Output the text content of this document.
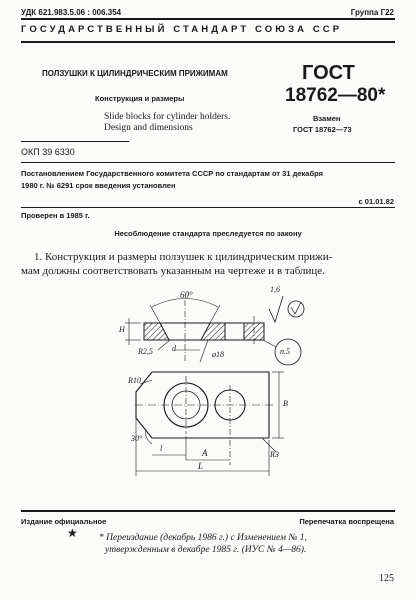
УДК 621.983.5.06 : 006.354	Группа Г22
ГОСУДАРСТВЕННЫЙ СТАНДАРТ СОЮЗА ССР
ПОЛЗУШКИ К ЦИЛИНДРИЧЕСКИМ ПРИЖИМАМ
Конструкция и размеры
Slide blocks for cylinder holders.
Design and dimensions
ГОСТ
18762—80*
Взамен
ГОСТ 18762—73
ОКП 39 6330
Постановлением Государственного комитета СССР по стандартам от 31 декабря
1980 г. № 6291 срок введения установлен
с 01.01.82
Проверен в 1985 г.
Несоблюдение стандарта преследуется по закону
1. Конструкция и размеры ползушек к цилиндрическим прижи-
мам должны соответствовать указанным на чертеже и в таблице.
60°
1,6
H
R2,5 d
ø18	п.5
R10
B
30°
l	A
L
R3
Издание официальное	Перепечатка воспрещена
★ * Переиздание (декабрь 1986 г.) с Изменением № 1,
утвержденным в декабре 1985 г. (ИУС № 4—86).
125
